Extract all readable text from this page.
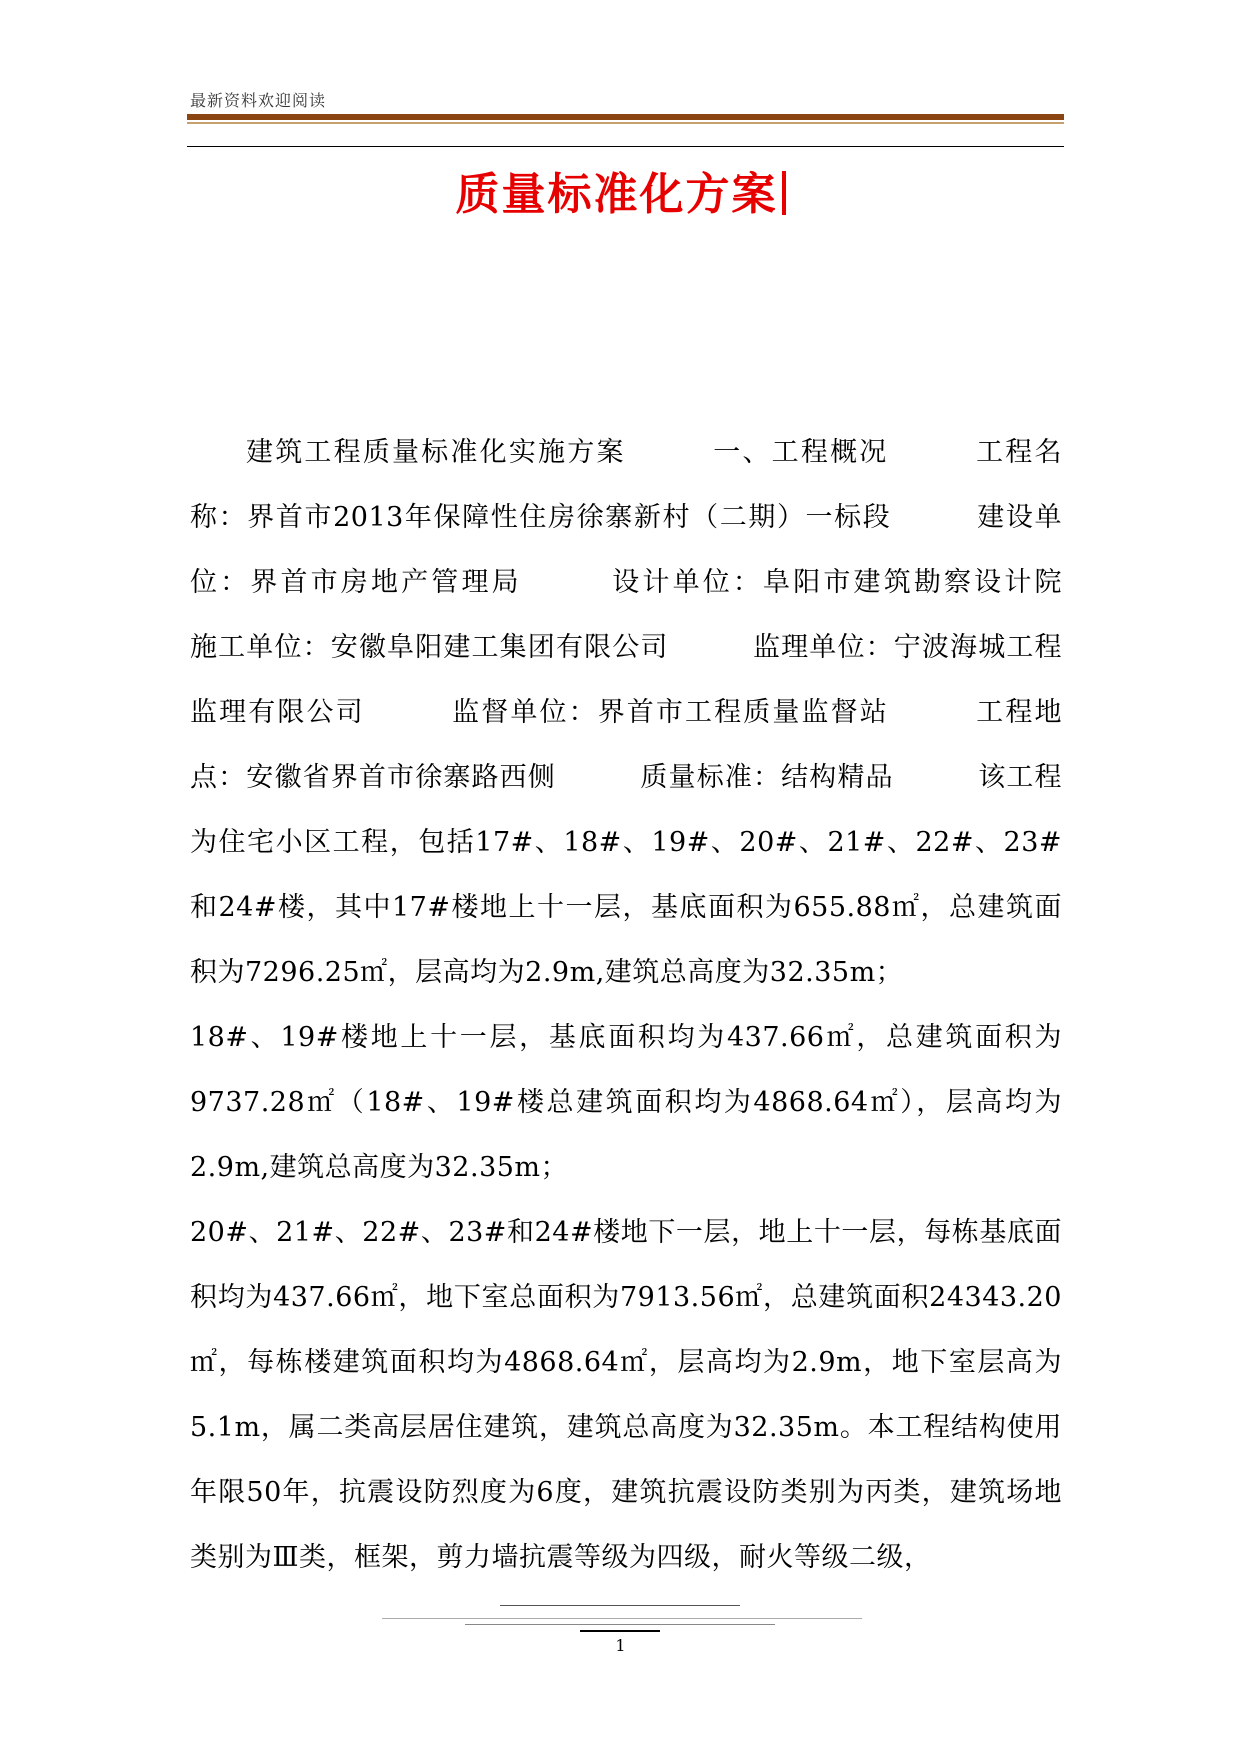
最新资料欢迎阅读
质量标准化方案

建筑工程质量标准化实施方案　　　一、工程概况　　　工程名称：界首市2013年保障性住房徐寨新村（二期）一标段　　　建设单位：界首市房地产管理局　　　设计单位：阜阳市建筑勘察设计院　　　施工单位：安徽阜阳建工集团有限公司　　　监理单位：宁波海城工程监理有限公司　　　监督单位：界首市工程质量监督站　　　工程地点：安徽省界首市徐寨路西侧　　　质量标准：结构精品　　　该工程为住宅小区工程，包括17#、18#、19#、20#、21#、22#、23#和24#楼，其中17#楼地上十一层，基底面积为655.88㎡，总建筑面积为7296.25㎡，层高均为2.9m,建筑总高度为32.35m；

18#、19#楼地上十一层，基底面积均为437.66㎡，总建筑面积为9737.28㎡（18#、19#楼总建筑面积均为4868.64㎡），层高均为2.9m,建筑总高度为32.35m；

20#、21#、22#、23#和24#楼地下一层，地上十一层，每栋基底面积均为437.66㎡，地下室总面积为7913.56㎡，总建筑面积24343.20㎡，每栋楼建筑面积均为4868.64㎡，层高均为2.9m，地下室层高为5.1m，属二类高层居住建筑，建筑总高度为32.35m。本工程结构使用年限50年，抗震设防烈度为6度，建筑抗震设防类别为丙类，建筑场地类别为Ⅲ类，框架，剪力墙抗震等级为四级，耐火等级二级，

1
